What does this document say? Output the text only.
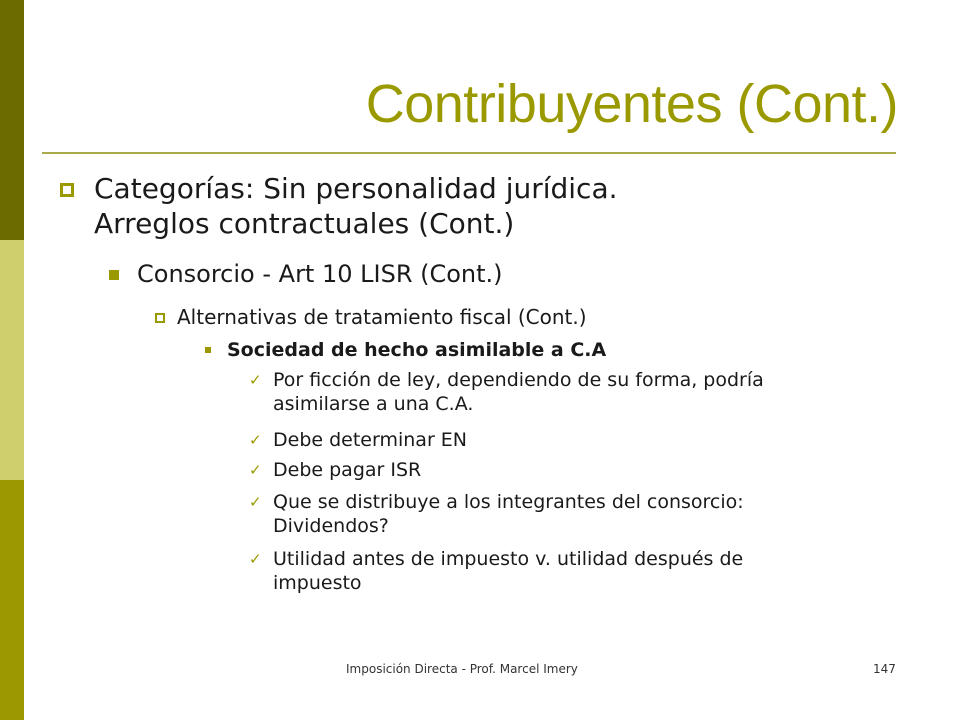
Contribuyentes (Cont.)
Categorías: Sin personalidad jurídica.
Arreglos contractuales (Cont.)
Consorcio - Art 10 LISR (Cont.)
Alternativas de tratamiento fiscal (Cont.)
Sociedad de hecho asimilable a C.A
✓ Por ficción de ley, dependiendo de su forma, podría
asimilarse a una C.A.
✓ Debe determinar EN
✓ Debe pagar ISR
✓ Que se distribuye a los integrantes del consorcio:
Dividendos?
✓ Utilidad antes de impuesto v. utilidad después de
impuesto
Imposición Directa - Prof. Marcel Imery	147
